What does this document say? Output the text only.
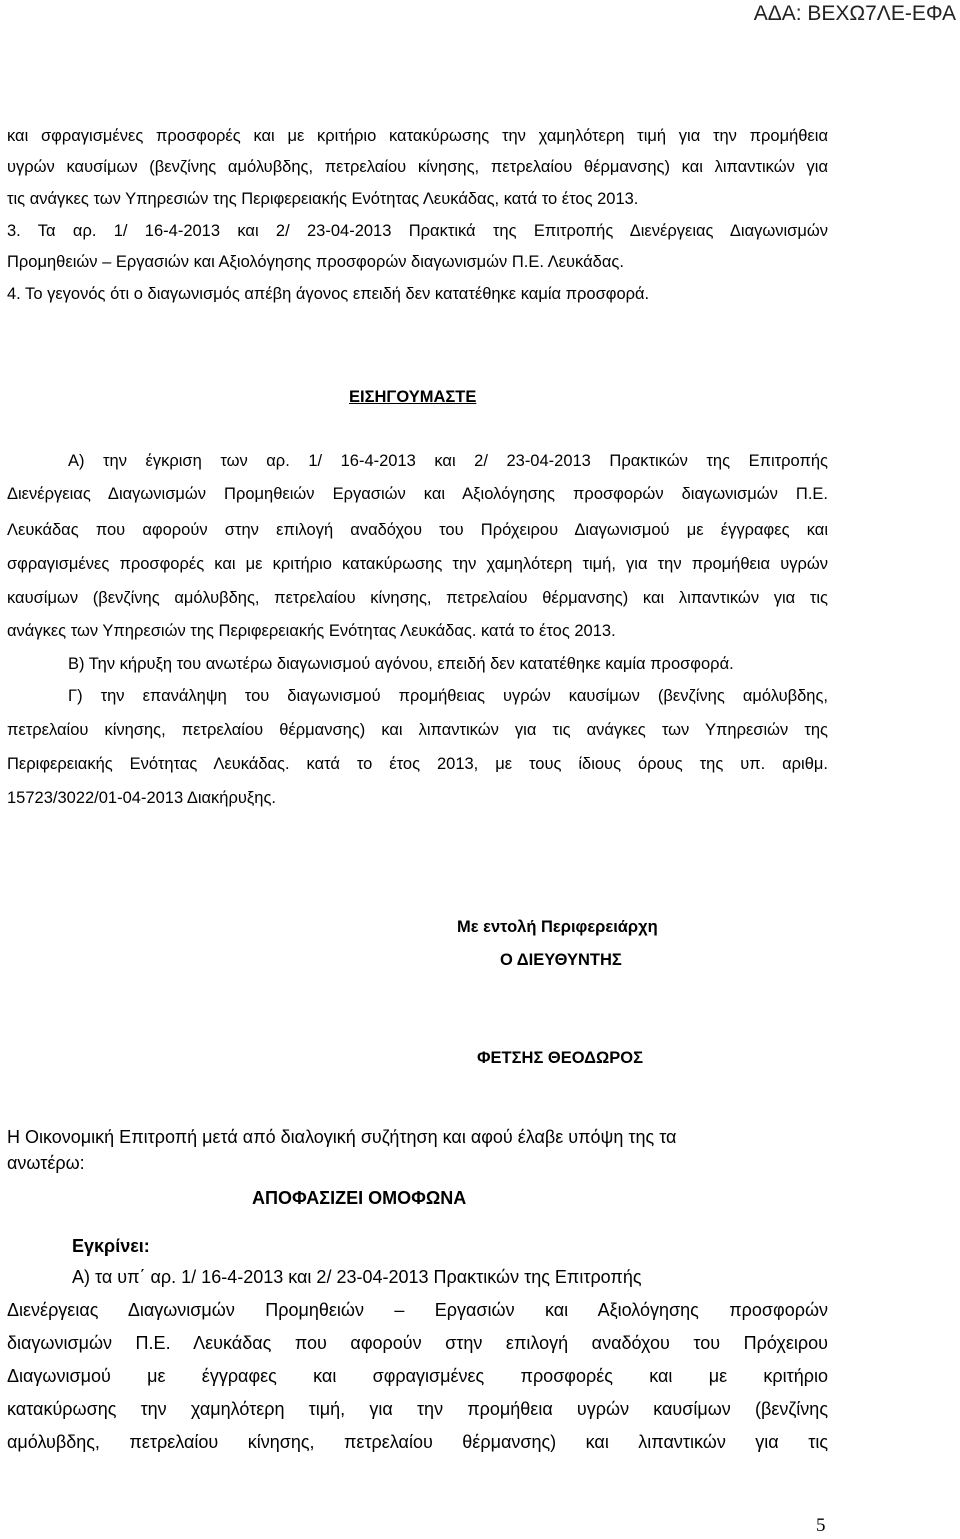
ΑΔΑ: ΒΕΧΩ7ΛΕ-ΕΦΑ

και σφραγισμένες προσφορές και με κριτήριο κατακύρωσης την χαμηλότερη τιμή για την προμήθεια

υγρών καυσίμων (βενζίνης αμόλυβδης, πετρελαίου κίνησης, πετρελαίου θέρμανσης) και λιπαντικών για

τις ανάγκες των Υπηρεσιών της Περιφερειακής Ενότητας Λευκάδας, κατά το έτος 2013.

3. Τα αρ. 1/ 16-4-2013 και 2/ 23-04-2013 Πρακτικά της Επιτροπής Διενέργειας Διαγωνισμών

Προμηθειών – Εργασιών και Αξιολόγησης προσφορών διαγωνισμών Π.Ε. Λευκάδας.

4. Το γεγονός ότι ο διαγωνισμός απέβη άγονος επειδή δεν κατατέθηκε καμία προσφορά.

ΕΙΣΗΓΟΥΜΑΣΤΕ

Α) την έγκριση των αρ. 1/ 16-4-2013 και 2/ 23-04-2013 Πρακτικών της Επιτροπής

Διενέργειας Διαγωνισμών Προμηθειών Εργασιών και Αξιολόγησης προσφορών διαγωνισμών Π.Ε.

Λευκάδας που αφορούν στην επιλογή αναδόχου του Πρόχειρου Διαγωνισμού με έγγραφες και

σφραγισμένες προσφορές και με κριτήριο κατακύρωσης την χαμηλότερη τιμή, για την προμήθεια υγρών

καυσίμων (βενζίνης αμόλυβδης, πετρελαίου κίνησης, πετρελαίου θέρμανσης) και λιπαντικών για τις

ανάγκες των Υπηρεσιών της Περιφερειακής Ενότητας Λευκάδας. κατά το έτος 2013.

Β) Την κήρυξη του ανωτέρω διαγωνισμού αγόνου, επειδή δεν κατατέθηκε καμία προσφορά.

Γ) την επανάληψη του διαγωνισμού προμήθειας υγρών καυσίμων (βενζίνης αμόλυβδης,

πετρελαίου κίνησης, πετρελαίου θέρμανσης) και λιπαντικών για τις ανάγκες των Υπηρεσιών της

Περιφερειακής Ενότητας Λευκάδας. κατά το έτος 2013, με τους ίδιους όρους της υπ. αριθμ.

15723/3022/01-04-2013 Διακήρυξης.

Με εντολή Περιφερειάρχη

Ο ΔΙΕΥΘΥΝΤΗΣ

ΦΕΤΣΗΣ ΘΕΟΔΩΡΟΣ

Η Οικονομική Επιτροπή μετά από διαλογική συζήτηση και αφού έλαβε υπόψη της τα

ανωτέρω:

ΑΠΟΦΑΣΙΖΕΙ ΟΜΟΦΩΝΑ

Εγκρίνει:

Α) τα υπ΄ αρ. 1/ 16-4-2013 και 2/ 23-04-2013 Πρακτικών της Επιτροπής

Διενέργειας Διαγωνισμών Προμηθειών – Εργασιών και Αξιολόγησης προσφορών

διαγωνισμών Π.Ε. Λευκάδας που αφορούν στην επιλογή αναδόχου του Πρόχειρου

Διαγωνισμού με έγγραφες και σφραγισμένες προσφορές και με κριτήριο

κατακύρωσης την χαμηλότερη τιμή, για την προμήθεια υγρών καυσίμων (βενζίνης

αμόλυβδης, πετρελαίου κίνησης, πετρελαίου θέρμανσης) και λιπαντικών για τις

5
